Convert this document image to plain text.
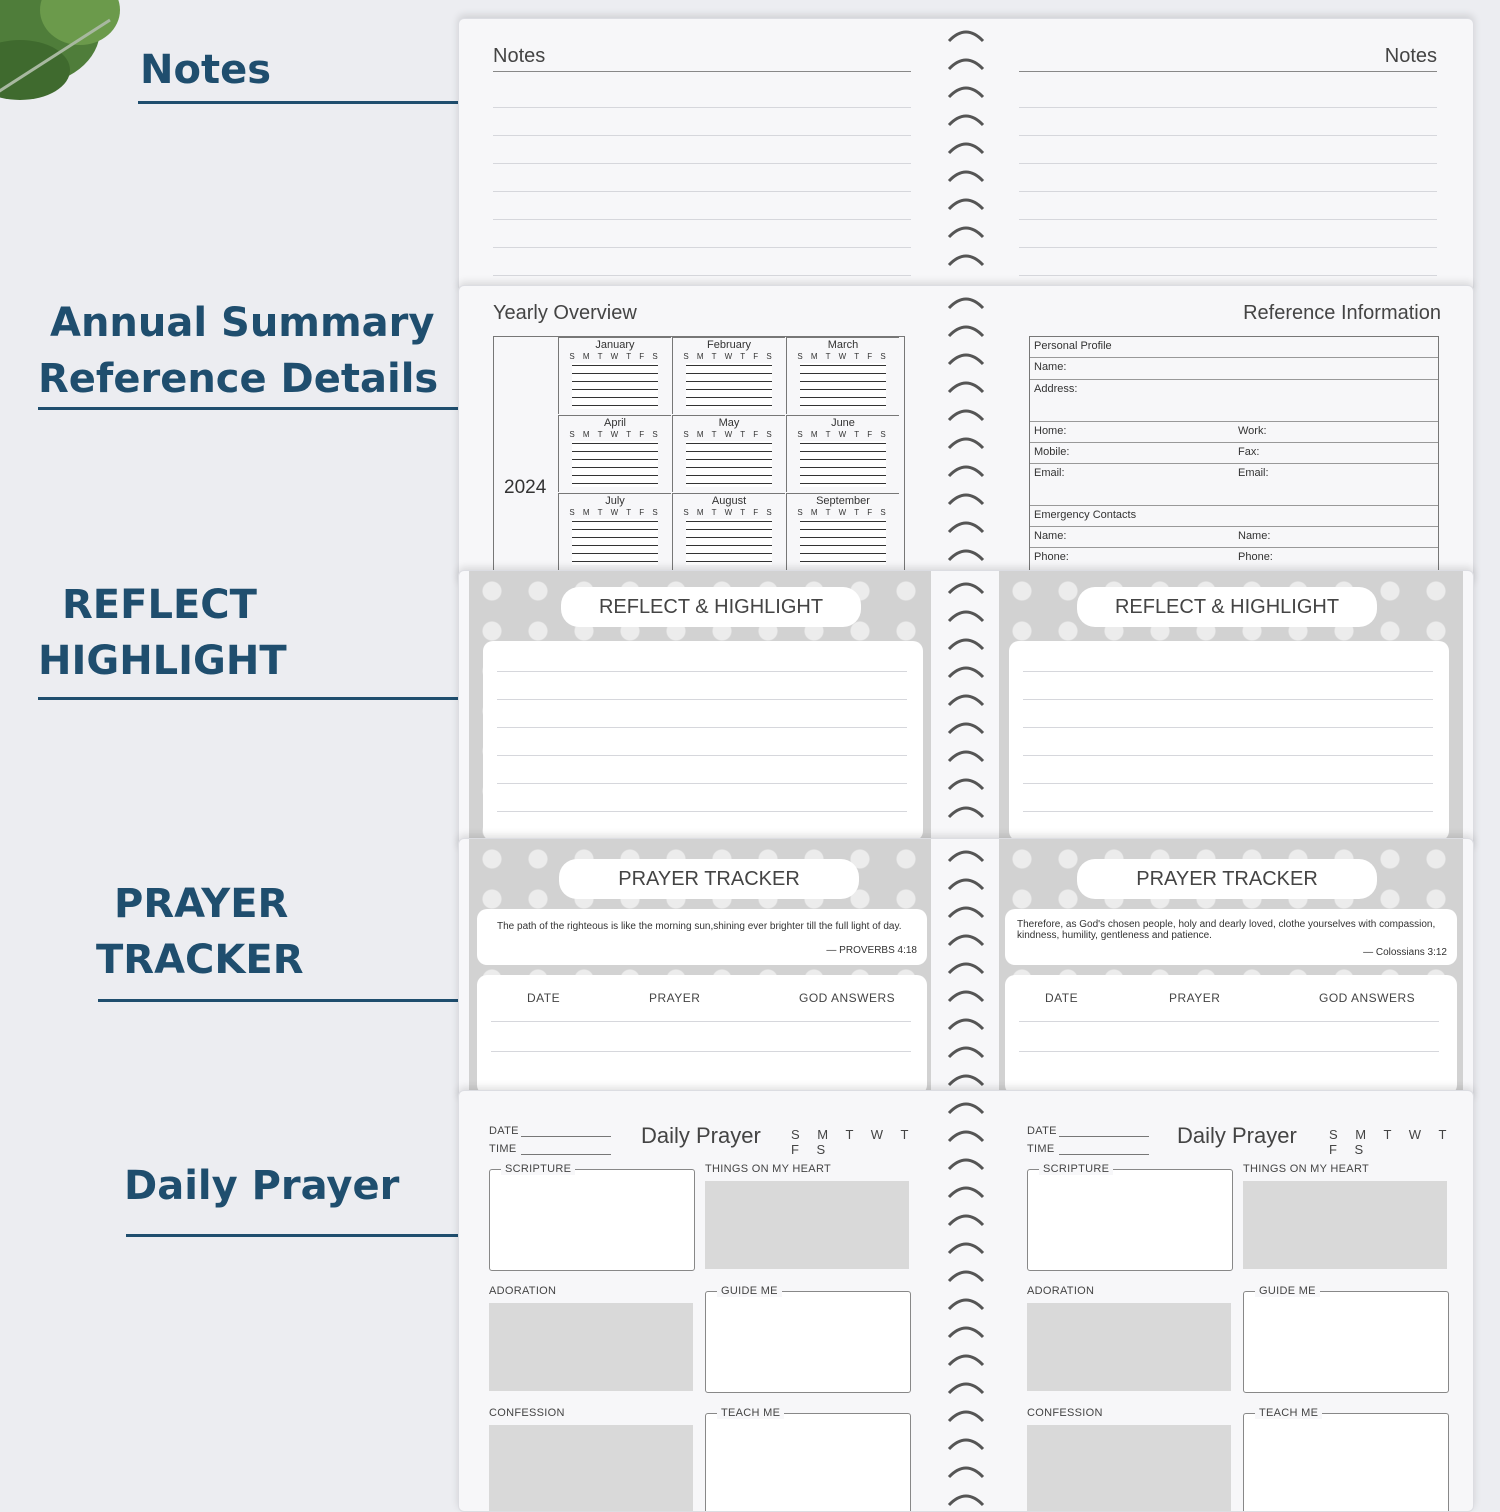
Notes
Annual Summary
Reference Details
REFLECT
HIGHLIGHT
PRAYER
TRACKER
Daily Prayer
Notes	Notes
Yearly Overview
2024
January
S M T W T F S
February
S M T W T F S
March
S M T W T F S
April
S M T W T F S
May
S M T W T F S
June
S M T W T F S
July
S M T W T F S
August
S M T W T F S
September
S M T W T F S
Reference Information
Personal Profile
Name:
Address:
Home:	Work:
Mobile:	Fax:
Email:	Email:
Emergency Contacts
Name:	Name:
Phone:	Phone:
REFLECT & HIGHLIGHT	REFLECT & HIGHLIGHT
PRAYER TRACKER
The path of the righteous is like the morning sun,shining ever brighter till the full light of day.
— PROVERBS 4:18
DATE	PRAYER	GOD ANSWERS
PRAYER TRACKER
Therefore, as God's chosen people, holy and dearly loved, clothe yourselves with compassion, kindness, humility, gentleness and patience.
— Colossians 3:12
DATE	PRAYER	GOD ANSWERS
DATE
TIME
Daily Prayer S M T W T F S
SCRIPTURE	THINGS ON MY HEART
ADORATION	GUIDE ME
CONFESSION	TEACH ME
DATE
TIME
Daily Prayer S M T W T F S
SCRIPTURE	THINGS ON MY HEART
ADORATION	GUIDE ME
CONFESSION	TEACH ME
